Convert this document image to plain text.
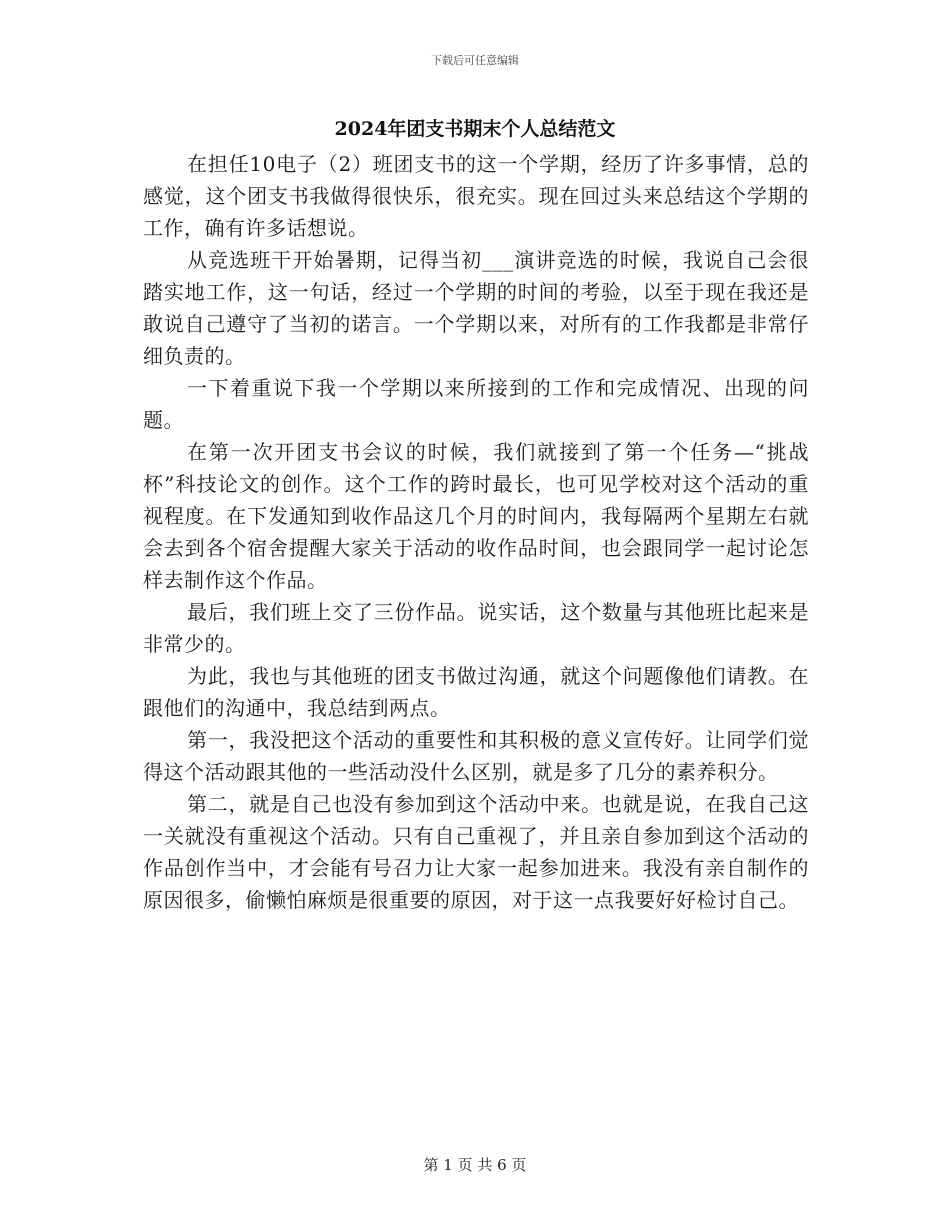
下载后可任意编辑
2024年团支书期末个人总结范文

在担任10电子（2）班团支书的这一个学期，经历了许多事情，总的感觉，这个团支书我做得很快乐，很充实。现在回过头来总结这个学期的工作，确有许多话想说。

从竞选班干开始暑期，记得当初___演讲竞选的时候，我说自己会很踏实地工作，这一句话，经过一个学期的时间的考验，以至于现在我还是敢说自己遵守了当初的诺言。一个学期以来，对所有的工作我都是非常仔细负责的。

一下着重说下我一个学期以来所接到的工作和完成情况、出现的问题。

在第一次开团支书会议的时候，我们就接到了第一个任务—“挑战杯”科技论文的创作。这个工作的跨时最长，也可见学校对这个活动的重视程度。在下发通知到收作品这几个月的时间内，我每隔两个星期左右就会去到各个宿舍提醒大家关于活动的收作品时间，也会跟同学一起讨论怎样去制作这个作品。

最后，我们班上交了三份作品。说实话，这个数量与其他班比起来是非常少的。

为此，我也与其他班的团支书做过沟通，就这个问题像他们请教。在跟他们的沟通中，我总结到两点。

第一，我没把这个活动的重要性和其积极的意义宣传好。让同学们觉得这个活动跟其他的一些活动没什么区别，就是多了几分的素养积分。

第二，就是自己也没有参加到这个活动中来。也就是说，在我自己这一关就没有重视这个活动。只有自己重视了，并且亲自参加到这个活动的作品创作当中，才会能有号召力让大家一起参加进来。我没有亲自制作的原因很多，偷懒怕麻烦是很重要的原因，对于这一点我要好好检讨自己。

第 1 页 共 6 页
